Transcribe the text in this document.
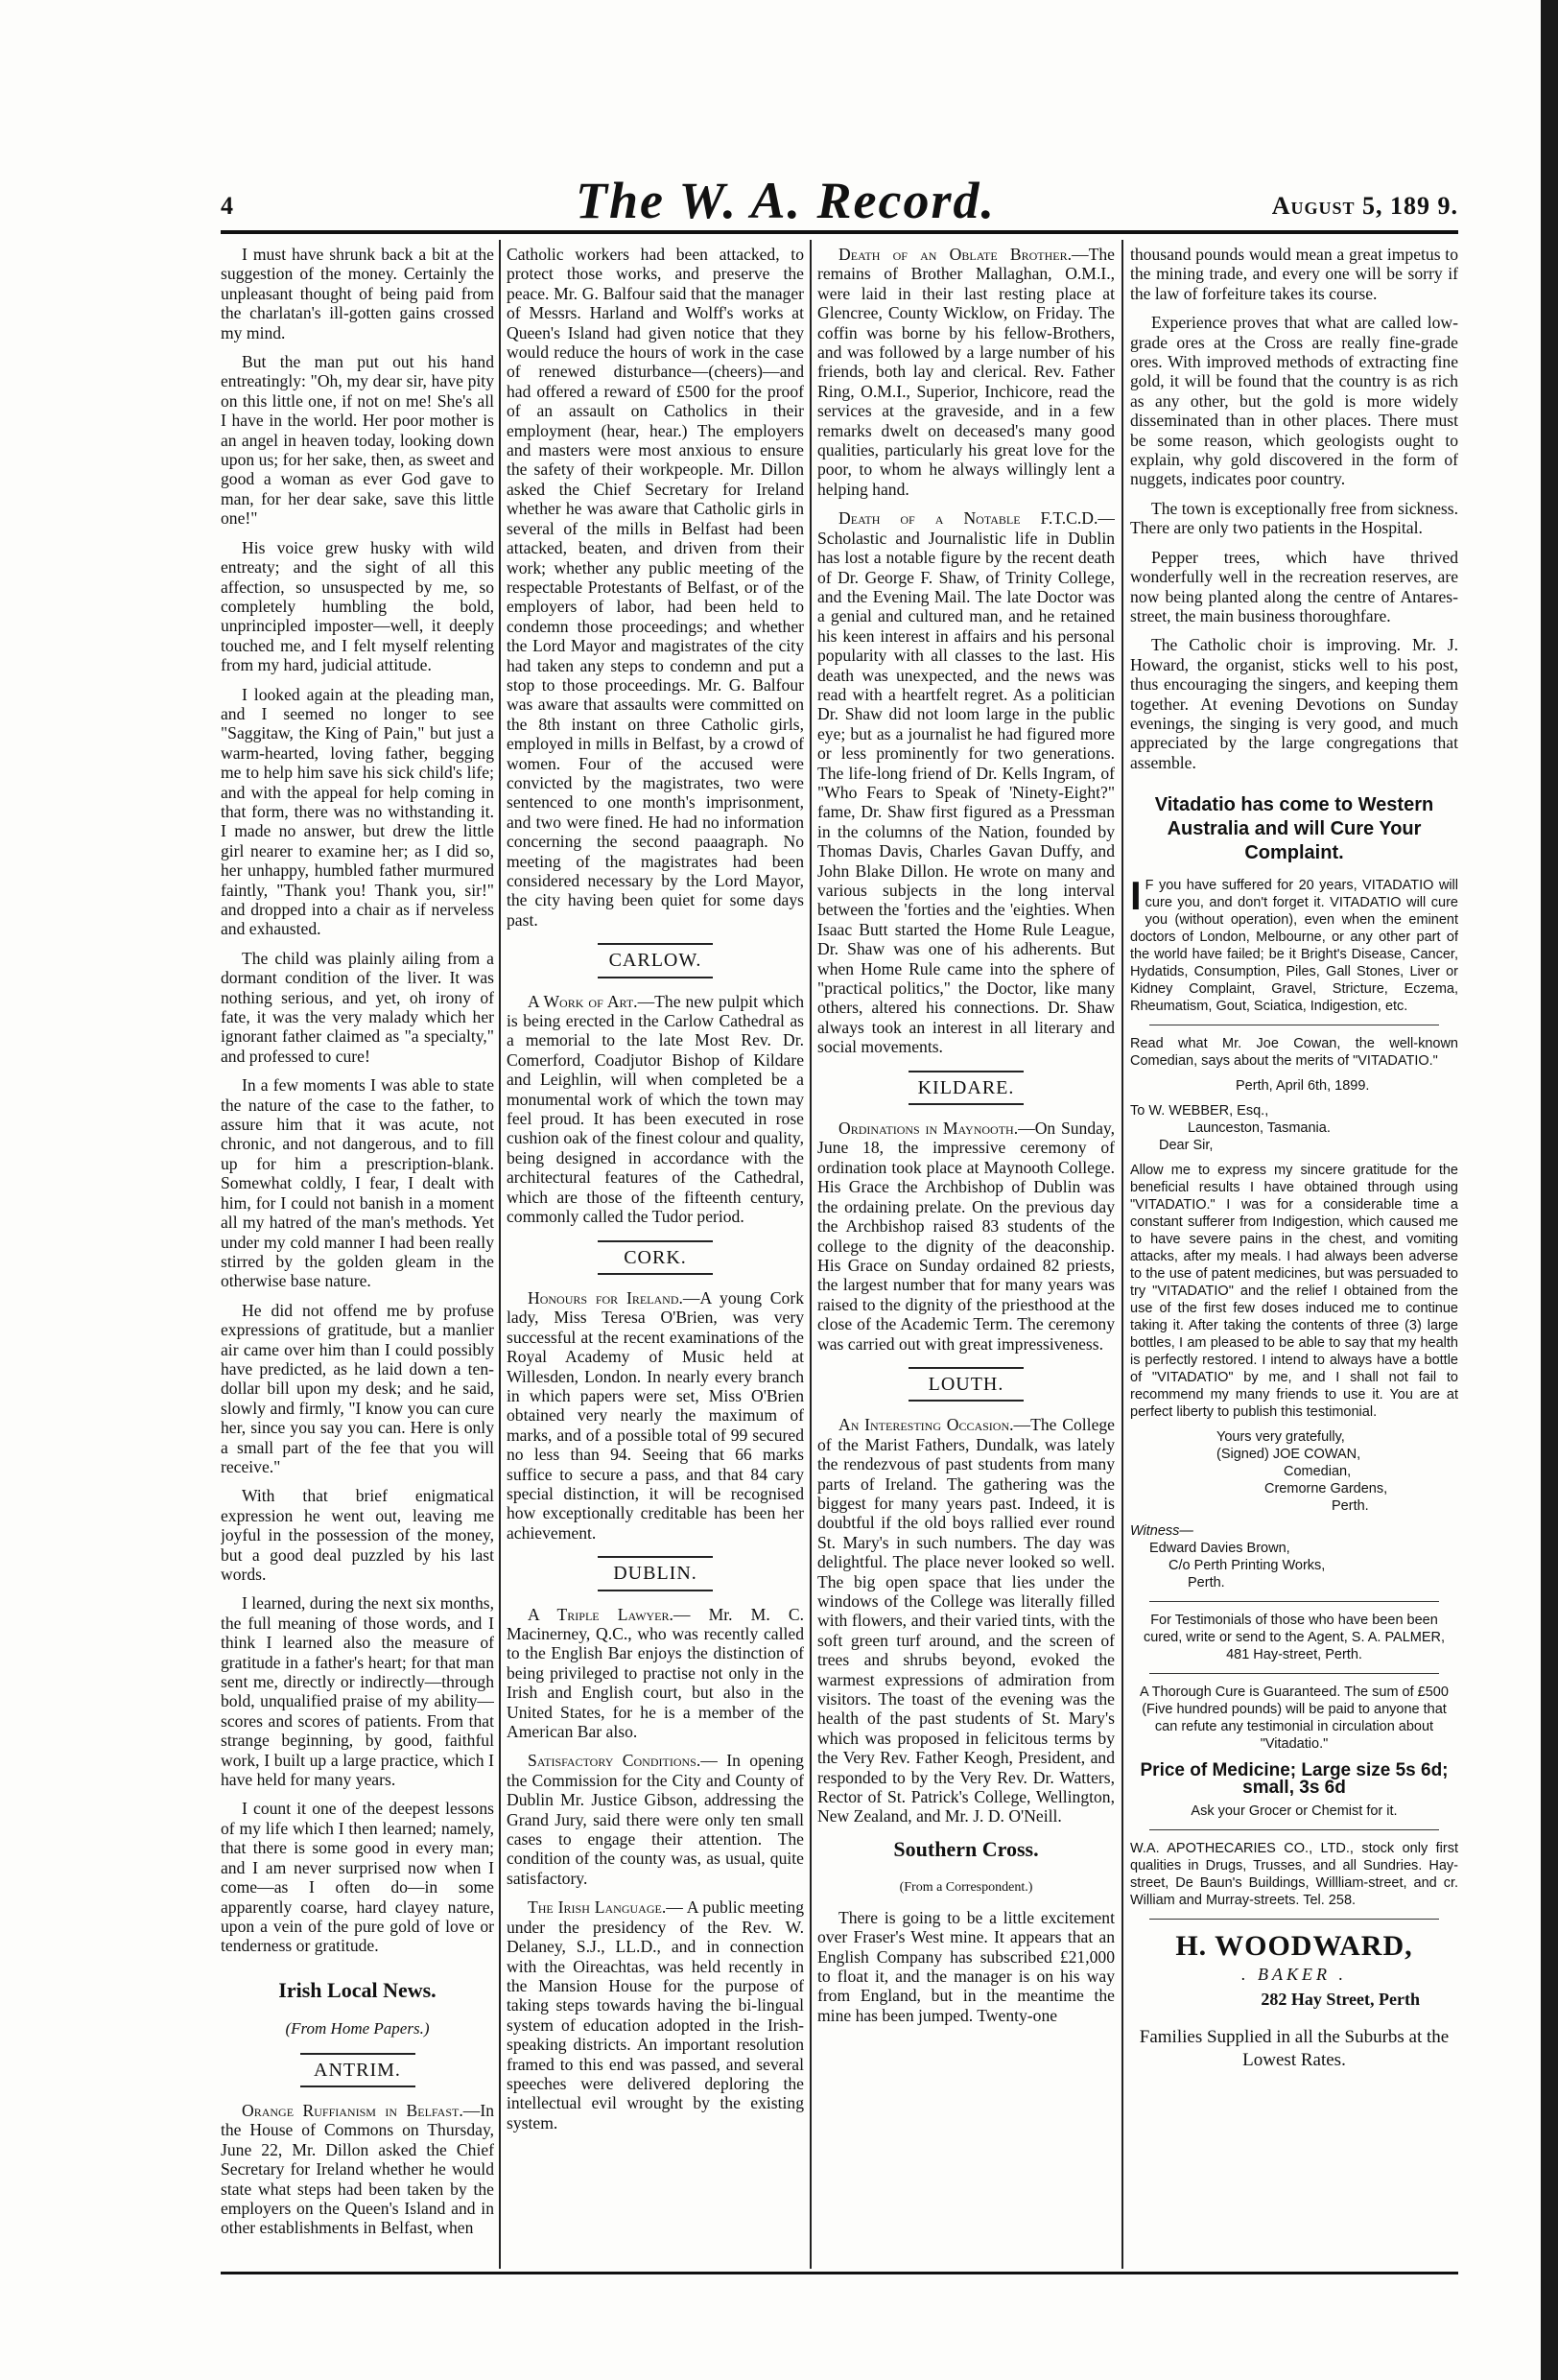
4	The W. A. Record.	August 5, 189 9.

I must have shrunk back a bit at the suggestion of the money. Certainly the unpleasant thought of being paid from the charlatan's ill-gotten gains crossed my mind.

But the man put out his hand entreatingly: "Oh, my dear sir, have pity on this little one, if not on me! She's all I have in the world. Her poor mother is an angel in heaven today, looking down upon us; for her sake, then, as sweet and good a woman as ever God gave to man, for her dear sake, save this little one!"

His voice grew husky with wild entreaty; and the sight of all this affection, so unsuspected by me, so completely humbling the bold, unprincipled imposter—well, it deeply touched me, and I felt myself relenting from my hard, judicial attitude.

I looked again at the pleading man, and I seemed no longer to see "Saggitaw, the King of Pain," but just a warm-hearted, loving father, begging me to help him save his sick child's life; and with the appeal for help coming in that form, there was no withstanding it. I made no answer, but drew the little girl nearer to examine her; as I did so, her unhappy, humbled father murmured faintly, "Thank you! Thank you, sir!" and dropped into a chair as if nerveless and exhausted.

The child was plainly ailing from a dormant condition of the liver. It was nothing serious, and yet, oh irony of fate, it was the very malady which her ignorant father claimed as "a specialty," and professed to cure!

In a few moments I was able to state the nature of the case to the father, to assure him that it was acute, not chronic, and not dangerous, and to fill up for him a prescription-blank. Somewhat coldly, I fear, I dealt with him, for I could not banish in a moment all my hatred of the man's methods. Yet under my cold manner I had been really stirred by the golden gleam in the otherwise base nature.

He did not offend me by profuse expressions of gratitude, but a manlier air came over him than I could possibly have predicted, as he laid down a ten-dollar bill upon my desk; and he said, slowly and firmly, "I know you can cure her, since you say you can. Here is only a small part of the fee that you will receive."

With that brief enigmatical expression he went out, leaving me joyful in the possession of the money, but a good deal puzzled by his last words.

I learned, during the next six months, the full meaning of those words, and I think I learned also the measure of gratitude in a father's heart; for that man sent me, directly or indirectly—through bold, unqualified praise of my ability—scores and scores of patients. From that strange beginning, by good, faithful work, I built up a large practice, which I have held for many years.

I count it one of the deepest lessons of my life which I then learned; namely, that there is some good in every man; and I am never surprised now when I come—as I often do—in some apparently coarse, hard clayey nature, upon a vein of the pure gold of love or tenderness or gratitude.

Irish Local News.
(From Home Papers.)
ANTRIM.

Orange Ruffianism in Belfast.—In the House of Commons on Thursday, June 22, Mr. Dillon asked the Chief Secretary for Ireland whether he would state what steps had been taken by the employers on the Queen's Island and in other establishments in Belfast, when

Catholic workers had been attacked, to protect those works, and preserve the peace. Mr. G. Balfour said that the manager of Messrs. Harland and Wolff's works at Queen's Island had given notice that they would reduce the hours of work in the case of renewed disturbance—(cheers)—and had offered a reward of £500 for the proof of an assault on Catholics in their employment (hear, hear.) The employers and masters were most anxious to ensure the safety of their workpeople. Mr. Dillon asked the Chief Secretary for Ireland whether he was aware that Catholic girls in several of the mills in Belfast had been attacked, beaten, and driven from their work; whether any public meeting of the respectable Protestants of Belfast, or of the employers of labor, had been held to condemn those proceedings; and whether the Lord Mayor and magistrates of the city had taken any steps to condemn and put a stop to those proceedings. Mr. G. Balfour was aware that assaults were committed on the 8th instant on three Catholic girls, employed in mills in Belfast, by a crowd of women. Four of the accused were convicted by the magistrates, two were sentenced to one month's imprisonment, and two were fined. He had no information concerning the second paaagraph. No meeting of the magistrates had been considered necessary by the Lord Mayor, the city having been quiet for some days past.

CARLOW.

A Work of Art.—The new pulpit which is being erected in the Carlow Cathedral as a memorial to the late Most Rev. Dr. Comerford, Coadjutor Bishop of Kildare and Leighlin, will when completed be a monumental work of which the town may feel proud. It has been executed in rose cushion oak of the finest colour and quality, being designed in accordance with the architectural features of the Cathedral, which are those of the fifteenth century, commonly called the Tudor period.

CORK.

Honours for Ireland.—A young Cork lady, Miss Teresa O'Brien, was very successful at the recent examinations of the Royal Academy of Music held at Willesden, London. In nearly every branch in which papers were set, Miss O'Brien obtained very nearly the maximum of marks, and of a possible total of 99 secured no less than 94. Seeing that 66 marks suffice to secure a pass, and that 84 cary special distinction, it will be recognised how exceptionally creditable has been her achievement.

DUBLIN.

A Triple Lawyer.— Mr. M. C. Macinerney, Q.C., who was recently called to the English Bar enjoys the distinction of being privileged to practise not only in the Irish and English court, but also in the United States, for he is a member of the American Bar also.

Satisfactory Conditions.— In opening the Commission for the City and County of Dublin Mr. Justice Gibson, addressing the Grand Jury, said there were only ten small cases to engage their attention. The condition of the county was, as usual, quite satisfactory.

The Irish Language.— A public meeting under the presidency of the Rev. W. Delaney, S.J., LL.D., and in connection with the Oireachtas, was held recently in the Mansion House for the purpose of taking steps towards having the bi-lingual system of education adopted in the Irish-speaking districts. An important resolution framed to this end was passed, and several speeches were delivered deploring the intellectual evil wrought by the existing system.

Death of an Oblate Brother.—The remains of Brother Mallaghan, O.M.I., were laid in their last resting place at Glencree, County Wicklow, on Friday. The coffin was borne by his fellow-Brothers, and was followed by a large number of his friends, both lay and clerical. Rev. Father Ring, O.M.I., Superior, Inchicore, read the services at the graveside, and in a few remarks dwelt on deceased's many good qualities, particularly his great love for the poor, to whom he always willingly lent a helping hand.

Death of a Notable F.T.C.D.—Scholastic and Journalistic life in Dublin has lost a notable figure by the recent death of Dr. George F. Shaw, of Trinity College, and the Evening Mail. The late Doctor was a genial and cultured man, and he retained his keen interest in affairs and his personal popularity with all classes to the last. His death was unexpected, and the news was read with a heartfelt regret. As a politician Dr. Shaw did not loom large in the public eye; but as a journalist he had figured more or less prominently for two generations. The life-long friend of Dr. Kells Ingram, of "Who Fears to Speak of 'Ninety-Eight?" fame, Dr. Shaw first figured as a Pressman in the columns of the Nation, founded by Thomas Davis, Charles Gavan Duffy, and John Blake Dillon. He wrote on many and various subjects in the long interval between the 'forties and the 'eighties. When Isaac Butt started the Home Rule League, Dr. Shaw was one of his adherents. But when Home Rule came into the sphere of "practical politics," the Doctor, like many others, altered his connections. Dr. Shaw always took an interest in all literary and social movements.

KILDARE.

Ordinations in Maynooth.—On Sunday, June 18, the impressive ceremony of ordination took place at Maynooth College. His Grace the Archbishop of Dublin was the ordaining prelate. On the previous day the Archbishop raised 83 students of the college to the dignity of the deaconship. His Grace on Sunday ordained 82 priests, the largest number that for many years was raised to the dignity of the priesthood at the close of the Academic Term. The ceremony was carried out with great impressiveness.

LOUTH.

An Interesting Occasion.—The College of the Marist Fathers, Dundalk, was lately the rendezvous of past students from many parts of Ireland. The gathering was the biggest for many years past. Indeed, it is doubtful if the old boys rallied ever round St. Mary's in such numbers. The day was delightful. The place never looked so well. The big open space that lies under the windows of the College was literally filled with flowers, and their varied tints, with the soft green turf around, and the screen of trees and shrubs beyond, evoked the warmest expressions of admiration from visitors. The toast of the evening was the health of the past students of St. Mary's which was proposed in felicitous terms by the Very Rev. Father Keogh, President, and responded to by the Very Rev. Dr. Watters, Rector of St. Patrick's College, Wellington, New Zealand, and Mr. J. D. O'Neill.

Southern Cross.
(From a Correspondent.)

There is going to be a little excitement over Fraser's West mine. It appears that an English Company has subscribed £21,000 to float it, and the manager is on his way from England, but in the meantime the mine has been jumped. Twenty-one

thousand pounds would mean a great impetus to the mining trade, and every one will be sorry if the law of forfeiture takes its course.

Experience proves that what are called low-grade ores at the Cross are really fine-grade ores. With improved methods of extracting fine gold, it will be found that the country is as rich as any other, but the gold is more widely disseminated than in other places. There must be some reason, which geologists ought to explain, why gold discovered in the form of nuggets, indicates poor country.

The town is exceptionally free from sickness. There are only two patients in the Hospital.

Pepper trees, which have thrived wonderfully well in the recreation reserves, are now being planted along the centre of Antares-street, the main business thoroughfare.

The Catholic choir is improving. Mr. J. Howard, the organist, sticks well to his post, thus encouraging the singers, and keeping them together. At evening Devotions on Sunday evenings, the singing is very good, and much appreciated by the large congregations that assemble.

Vitadatio has come to Western Australia and will Cure Your Complaint.

I F you have suffered for 20 years, VITADATIO will cure you, and don't forget it. VITADATIO will cure you (without operation), even when the eminent doctors of London, Melbourne, or any other part of the world have failed; be it Bright's Disease, Cancer, Hydatids, Consumption, Piles, Gall Stones, Liver or Kidney Complaint, Gravel, Stricture, Eczema, Rheumatism, Gout, Sciatica, Indigestion, etc.

Read what Mr. Joe Cowan, the well-known Comedian, says about the merits of "VITADATIO."

Perth, April 6th, 1899.

To W. WEBBER, Esq.,

Launceston, Tasmania.

Dear Sir,

Allow me to express my sincere gratitude for the beneficial results I have obtained through using "VITADATIO." I was for a considerable time a constant sufferer from Indigestion, which caused me to have severe pains in the chest, and vomiting attacks, after my meals. I had always been adverse to the use of patent medicines, but was persuaded to try "VITADATIO" and the relief I obtained from the use of the first few doses induced me to continue taking it. After taking the contents of three (3) large bottles, I am pleased to be able to say that my health is perfectly restored. I intend to always have a bottle of "VITADATIO" by me, and I shall not fail to recommend my many friends to use it. You are at perfect liberty to publish this testimonial.

Yours very gratefully,

(Signed) JOE COWAN,

Comedian,

Cremorne Gardens,

Perth.

Witness—

Edward Davies Brown,

C/o Perth Printing Works,

Perth.

For Testimonials of those who have been been cured, write or send to the Agent, S. A. PALMER, 481 Hay-street, Perth.

A Thorough Cure is Guaranteed. The sum of £500 (Five hundred pounds) will be paid to anyone that can refute any testimonial in circulation about "Vitadatio."

Price of Medicine; Large size 5s 6d; small, 3s 6d

Ask your Grocer or Chemist for it.

W.A. APOTHECARIES CO., LTD., stock only first qualities in Drugs, Trusses, and all Sundries. Hay-street, De Baun's Buildings, Willliam-street, and cr. William and Murray-streets. Tel. 258.

H. WOODWARD,
. BAKER .
282 Hay Street, Perth
Families Supplied in all the Suburbs at the Lowest Rates.
